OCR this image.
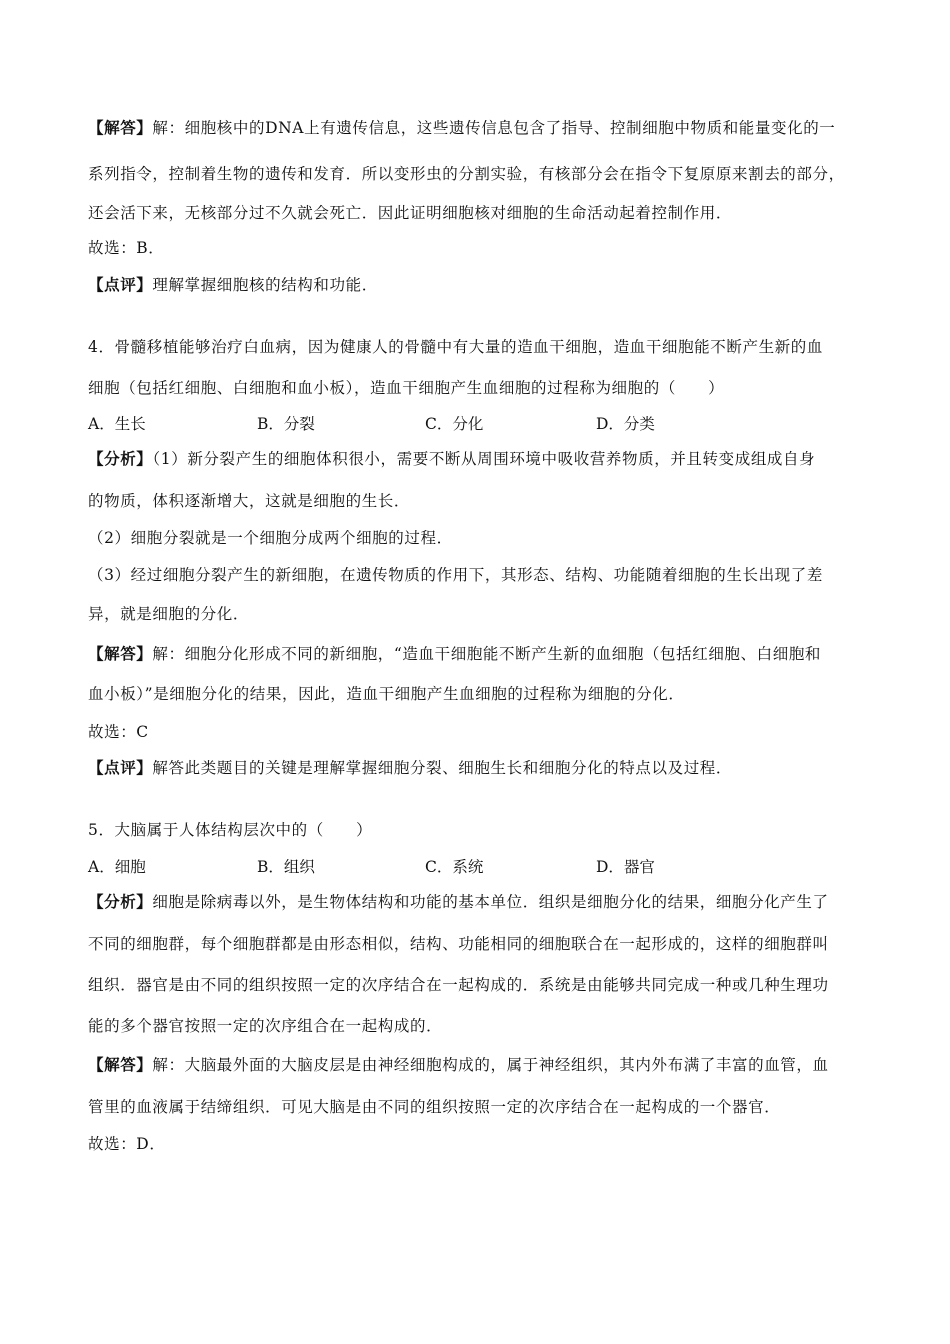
【解答】解：细胞核中的DNA上有遗传信息，这些遗传信息包含了指导、控制细胞中物质和能量变化的一
系列指令，控制着生物的遗传和发育．所以变形虫的分割实验，有核部分会在指令下复原原来割去的部分，
还会活下来，无核部分过不久就会死亡．因此证明细胞核对细胞的生命活动起着控制作用．
故选：B．
【点评】理解掌握细胞核的结构和功能．
4．骨髓移植能够治疗白血病，因为健康人的骨髓中有大量的造血干细胞，造血干细胞能不断产生新的血
细胞（包括红细胞、白细胞和血小板），造血干细胞产生血细胞的过程称为细胞的（　　）
A．生长	B．分裂	C．分化	D．分类
【分析】（1）新分裂产生的细胞体积很小，需要不断从周围环境中吸收营养物质，并且转变成组成自身
的物质，体积逐渐增大，这就是细胞的生长．
（2）细胞分裂就是一个细胞分成两个细胞的过程．
（3）经过细胞分裂产生的新细胞，在遗传物质的作用下，其形态、结构、功能随着细胞的生长出现了差
异，就是细胞的分化．
【解答】解：细胞分化形成不同的新细胞，“造血干细胞能不断产生新的血细胞（包括红细胞、白细胞和
血小板）”是细胞分化的结果，因此，造血干细胞产生血细胞的过程称为细胞的分化．
故选：C
【点评】解答此类题目的关键是理解掌握细胞分裂、细胞生长和细胞分化的特点以及过程．
5．大脑属于人体结构层次中的（　　）
A．细胞	B．组织	C．系统	D．器官
【分析】细胞是除病毒以外，是生物体结构和功能的基本单位．组织是细胞分化的结果，细胞分化产生了
不同的细胞群，每个细胞群都是由形态相似，结构、功能相同的细胞联合在一起形成的，这样的细胞群叫
组织．器官是由不同的组织按照一定的次序结合在一起构成的．系统是由能够共同完成一种或几种生理功
能的多个器官按照一定的次序组合在一起构成的．
【解答】解：大脑最外面的大脑皮层是由神经细胞构成的，属于神经组织，其内外布满了丰富的血管，血
管里的血液属于结缔组织．可见大脑是由不同的组织按照一定的次序结合在一起构成的一个器官．
故选：D．
